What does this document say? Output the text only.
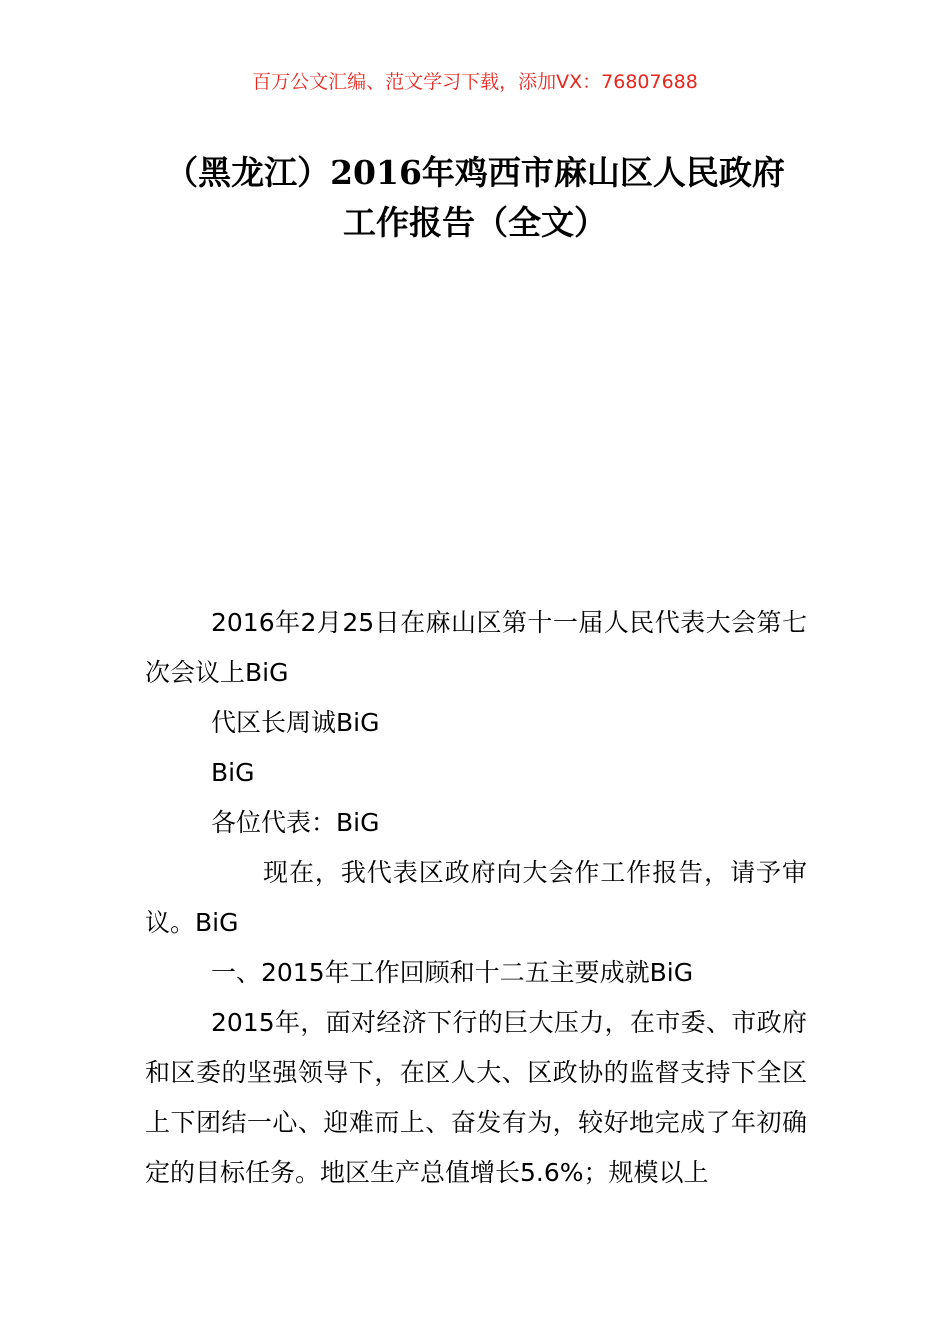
百万公文汇编、范文学习下载，添加VX：76807688
（黑龙江）2016年鸡西市麻山区人民政府
工作报告（全文）

2016年2月25日在麻山区第十一届人民代表大会第七次会议上BiG

代区长周诚BiG

BiG

各位代表：BiG

现在，我代表区政府向大会作工作报告，请予审议。BiG

一、2015年工作回顾和十二五主要成就BiG

2015年，面对经济下行的巨大压力，在市委、市政府和区委的坚强领导下，在区人大、区政协的监督支持下全区上下团结一心、迎难而上、奋发有为，较好地完成了年初确定的目标任务。地区生产总值增长5.6%；规模以上
